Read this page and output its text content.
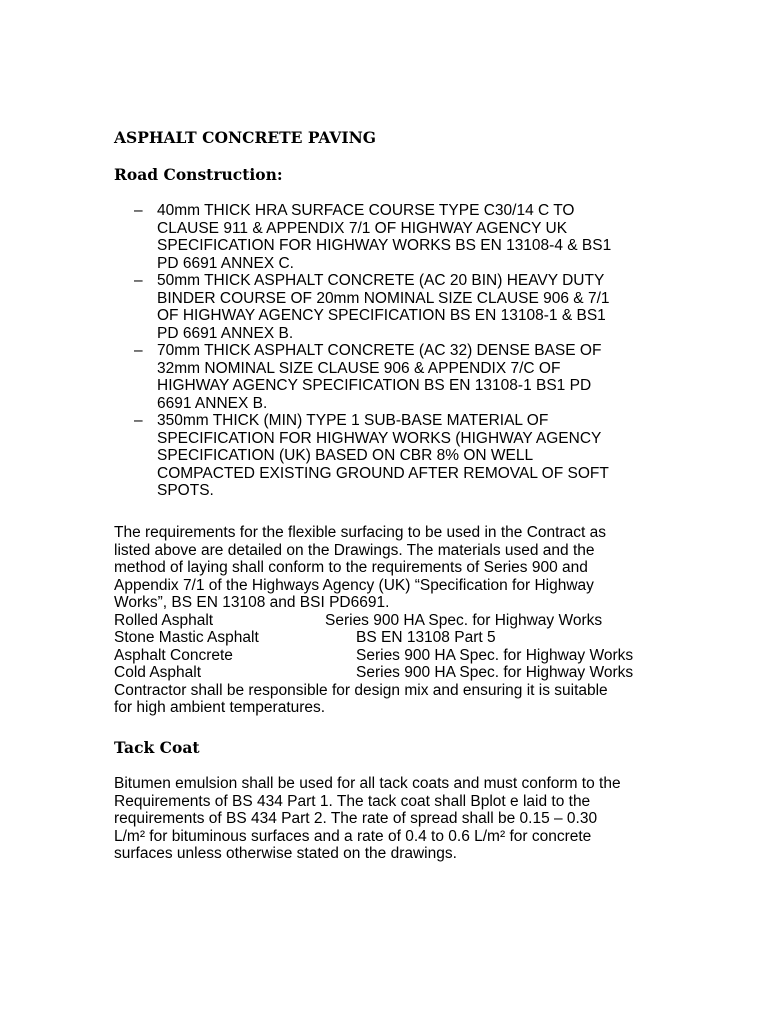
ASPHALT CONCRETE PAVING
Road Construction:
– 40mm THICK HRA SURFACE COURSE TYPE C30/14 C TO
CLAUSE 911 & APPENDIX 7/1 OF HIGHWAY AGENCY UK
SPECIFICATION FOR HIGHWAY WORKS BS EN 13108-4 & BS1
PD 6691 ANNEX C.
– 50mm THICK ASPHALT CONCRETE (AC 20 BIN) HEAVY DUTY
BINDER COURSE OF 20mm NOMINAL SIZE CLAUSE 906 & 7/1
OF HIGHWAY AGENCY SPECIFICATION BS EN 13108-1 & BS1
PD 6691 ANNEX B.
– 70mm THICK ASPHALT CONCRETE (AC 32) DENSE BASE OF
32mm NOMINAL SIZE CLAUSE 906 & APPENDIX 7/C OF
HIGHWAY AGENCY SPECIFICATION BS EN 13108-1 BS1 PD
6691 ANNEX B.
– 350mm THICK (MIN) TYPE 1 SUB-BASE MATERIAL OF
SPECIFICATION FOR HIGHWAY WORKS (HIGHWAY AGENCY
SPECIFICATION (UK) BASED ON CBR 8% ON WELL
COMPACTED EXISTING GROUND AFTER REMOVAL OF SOFT
SPOTS.
The requirements for the flexible surfacing to be used in the Contract as
listed above are detailed on the Drawings. The materials used and the
method of laying shall conform to the requirements of Series 900 and
Appendix 7/1 of the Highways Agency (UK) “Specification for Highway
Works”, BS EN 13108 and BSI PD6691.
Rolled Asphalt	Series 900 HA Spec. for Highway Works
Stone Mastic Asphalt	BS EN 13108 Part 5
Asphalt Concrete	Series 900 HA Spec. for Highway Works
Cold Asphalt	Series 900 HA Spec. for Highway Works
Contractor shall be responsible for design mix and ensuring it is suitable
for high ambient temperatures.
Tack Coat
Bitumen emulsion shall be used for all tack coats and must conform to the
Requirements of BS 434 Part 1. The tack coat shall Bplot e laid to the
requirements of BS 434 Part 2. The rate of spread shall be 0.15 – 0.30
L/m² for bituminous surfaces and a rate of 0.4 to 0.6 L/m² for concrete
surfaces unless otherwise stated on the drawings.
